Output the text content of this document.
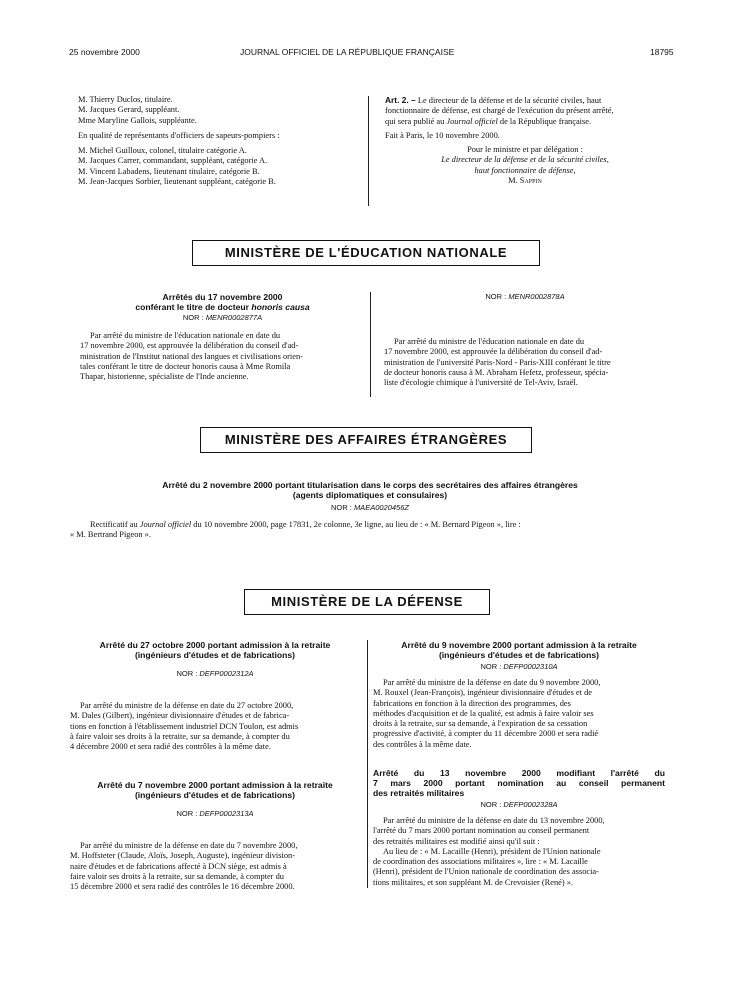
25 novembre 2000	JOURNAL OFFICIEL DE LA RÉPUBLIQUE FRANÇAISE	18795

M. Thierry Duclos, titulaire.

M. Jacques Gerard, suppléant.

Mme Maryline Gallois, suppléante.

En qualité de représentants d'officiers de sapeurs-pompiers :

M. Michel Guilloux, colonel, titulaire catégorie A.

M. Jacques Carrer, commandant, suppléant, catégorie A.

M. Vincent Labadens, lieutenant titulaire, catégorie B.

M. Jean-Jacques Sorbier, lieutenant suppléant, catégorie B.

Art. 2. – Le directeur de la défense et de la sécurité civiles, haut

fonctionnaire de défense, est chargé de l'exécution du présent arrêté,

qui sera publié au Journal officiel de la République française.

Fait à Paris, le 10 novembre 2000.

Pour le ministre et par délégation :

Le directeur de la défense et de la sécurité civiles,

haut fonctionnaire de défense,

M. Sappin

MINISTÈRE DE L'ÉDUCATION NATIONALE
Arrêtés du 17 novembre 2000
conférant le titre de docteur honoris causa
NOR : MENR0002877A

Par arrêté du ministre de l'éducation nationale en date du

17 novembre 2000, est approuvée la délibération du conseil d'ad-

ministration de l'Institut national des langues et civilisations orien-

tales conférant le titre de docteur honoris causa à Mme Romila

Thapar, historienne, spécialiste de l'Inde ancienne.

NOR : MENR0002878A

Par arrêté du ministre de l'éducation nationale en date du

17 novembre 2000, est approuvée la délibération du conseil d'ad-

ministration de l'université Paris-Nord - Paris-XIII conférant le titre

de docteur honoris causa à M. Abraham Hefetz, professeur, spécia-

liste d'écologie chimique à l'université de Tel-Aviv, Israël.

MINISTÈRE DES AFFAIRES ÉTRANGÈRES
Arrêté du 2 novembre 2000 portant titularisation dans le corps des secrétaires des affaires étrangères
(agents diplomatiques et consulaires)
NOR : MAEA0020456Z

Rectificatif au Journal officiel du 10 novembre 2000, page 17831, 2e colonne, 3e ligne, au lieu de : « M. Bernard Pigeon », lire :

« M. Bertrand Pigeon ».

MINISTÈRE DE LA DÉFENSE
Arrêté du 27 octobre 2000 portant admission à la retraite
(ingénieurs d'études et de fabrications)
NOR : DEFP0002312A

Par arrêté du ministre de la défense en date du 27 octobre 2000,

M. Dales (Gilbert), ingénieur divisionnaire d'études et de fabrica-

tions en fonction à l'établissement industriel DCN Toulon, est admis

à faire valoir ses droits à la retraite, sur sa demande, à compter du

4 décembre 2000 et sera radié des contrôles à la même date.

Arrêté du 7 novembre 2000 portant admission à la retraite
(ingénieurs d'études et de fabrications)
NOR : DEFP0002313A

Par arrêté du ministre de la défense en date du 7 novembre 2000,

M. Hoffsteter (Claude, Aloïs, Joseph, Auguste), ingénieur division-

naire d'études et de fabrications affecté à DCN siège, est admis à

faire valoir ses droits à la retraite, sur sa demande, à compter du

15 décembre 2000 et sera radié des contrôles le 16 décembre 2000.

Arrêté du 9 novembre 2000 portant admission à la retraite
(ingénieurs d'études et de fabrications)
NOR : DEFP0002310A

Par arrêté du ministre de la défense en date du 9 novembre 2000,

M. Rouxel (Jean-François), ingénieur divisionnaire d'études et de

fabrications en fonction à la direction des programmes, des

méthodes d'acquisition et de la qualité, est admis à faire valoir ses

droits à la retraite, sur sa demande, à l'expiration de sa cessation

progressive d'activité, à compter du 11 décembre 2000 et sera radié

des contrôles à la même date.

Arrêté du 13 novembre 2000 modifiant l'arrêté du
7 mars 2000 portant nomination au conseil permanent
des retraités militaires
NOR : DEFP0002328A

Par arrêté du ministre de la défense en date du 13 novembre 2000,

l'arrêté du 7 mars 2000 portant nomination au conseil permanent

des retraités militaires est modifié ainsi qu'il suit :

Au lieu de : « M. Lacaille (Henri), président de l'Union nationale

de coordination des associations militaires », lire : « M. Lacaille

(Henri), président de l'Union nationale de coordination des associa-

tions militaires, et son suppléant M. de Crevoisier (René) ».
